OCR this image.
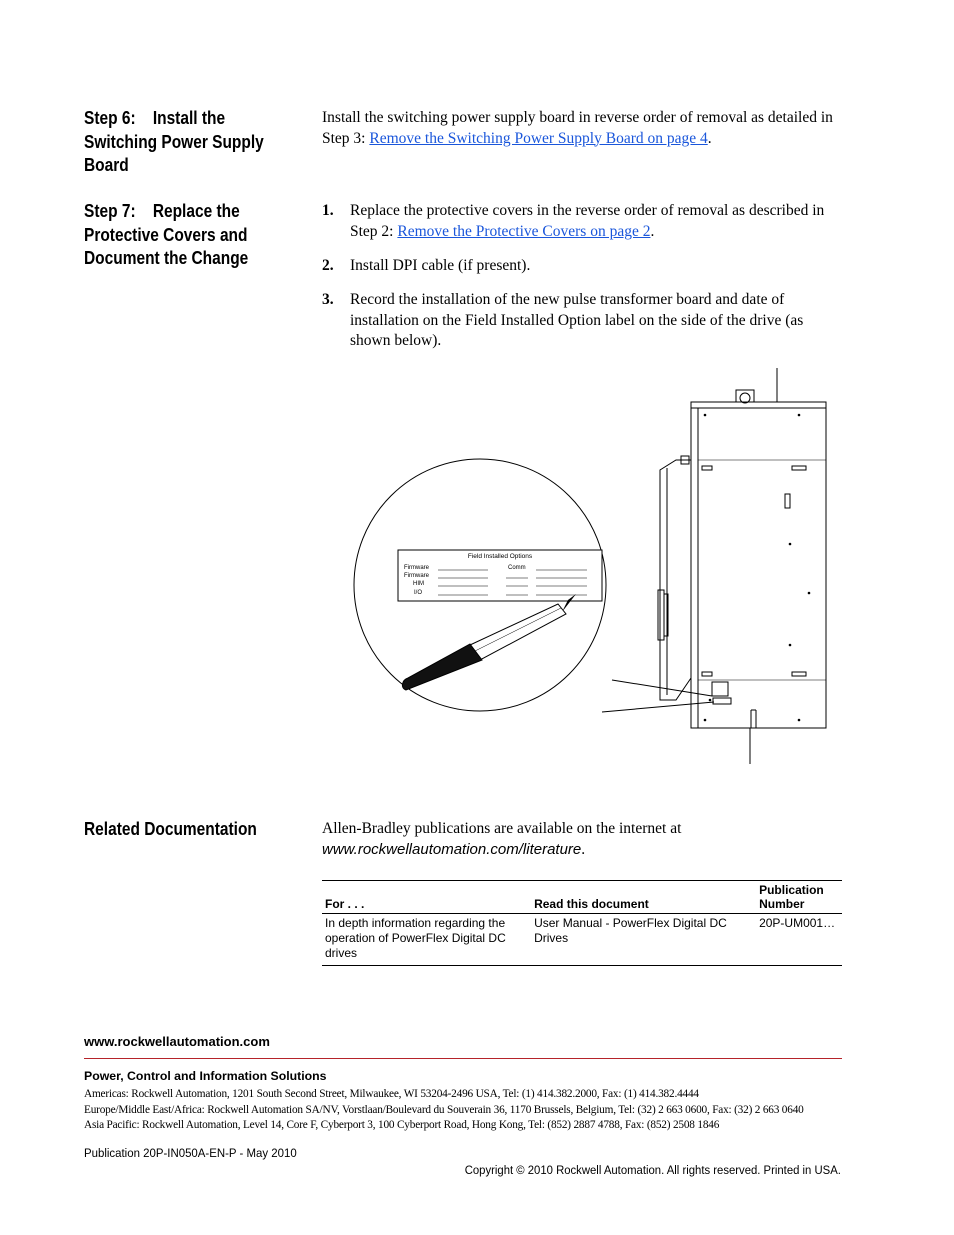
Step 6:    Install the
Switching Power Supply
Board
Install the switching power supply board in reverse order of removal as detailed in Step 3: Remove the Switching Power Supply Board on page 4.
Step 7:    Replace the
Protective Covers and
Document the Change
1. Replace the protective covers in the reverse order of removal as described in Step 2: Remove the Protective Covers on page 2.
2. Install DPI cable (if present).
3. Record the installation of the new pulse transformer board and date of installation on the Field Installed Option label on the side of the drive (as shown below).
Field Installed Options
Firmware
Firmware
HIM
I/O
Comm
Related Documentation	Allen-Bradley publications are available on the internet at
www.rockwellautomation.com/literature.
For . . .	Read this document	Publication Number
In depth information regarding the operation of PowerFlex Digital DC drives	User Manual - PowerFlex Digital DC Drives	20P-UM001…
www.rockwellautomation.com
Power, Control and Information Solutions
Americas: Rockwell Automation, 1201 South Second Street, Milwaukee, WI 53204-2496 USA, Tel: (1) 414.382.2000, Fax: (1) 414.382.4444
Europe/Middle East/Africa: Rockwell Automation SA/NV, Vorstlaan/Boulevard du Souverain 36, 1170 Brussels, Belgium, Tel: (32) 2 663 0600, Fax: (32) 2 663 0640
Asia Pacific: Rockwell Automation, Level 14, Core F, Cyberport 3, 100 Cyberport Road, Hong Kong, Tel: (852) 2887 4788, Fax: (852) 2508 1846
Publication 20P-IN050A-EN-P - May 2010
Copyright © 2010 Rockwell Automation. All rights reserved. Printed in USA.
